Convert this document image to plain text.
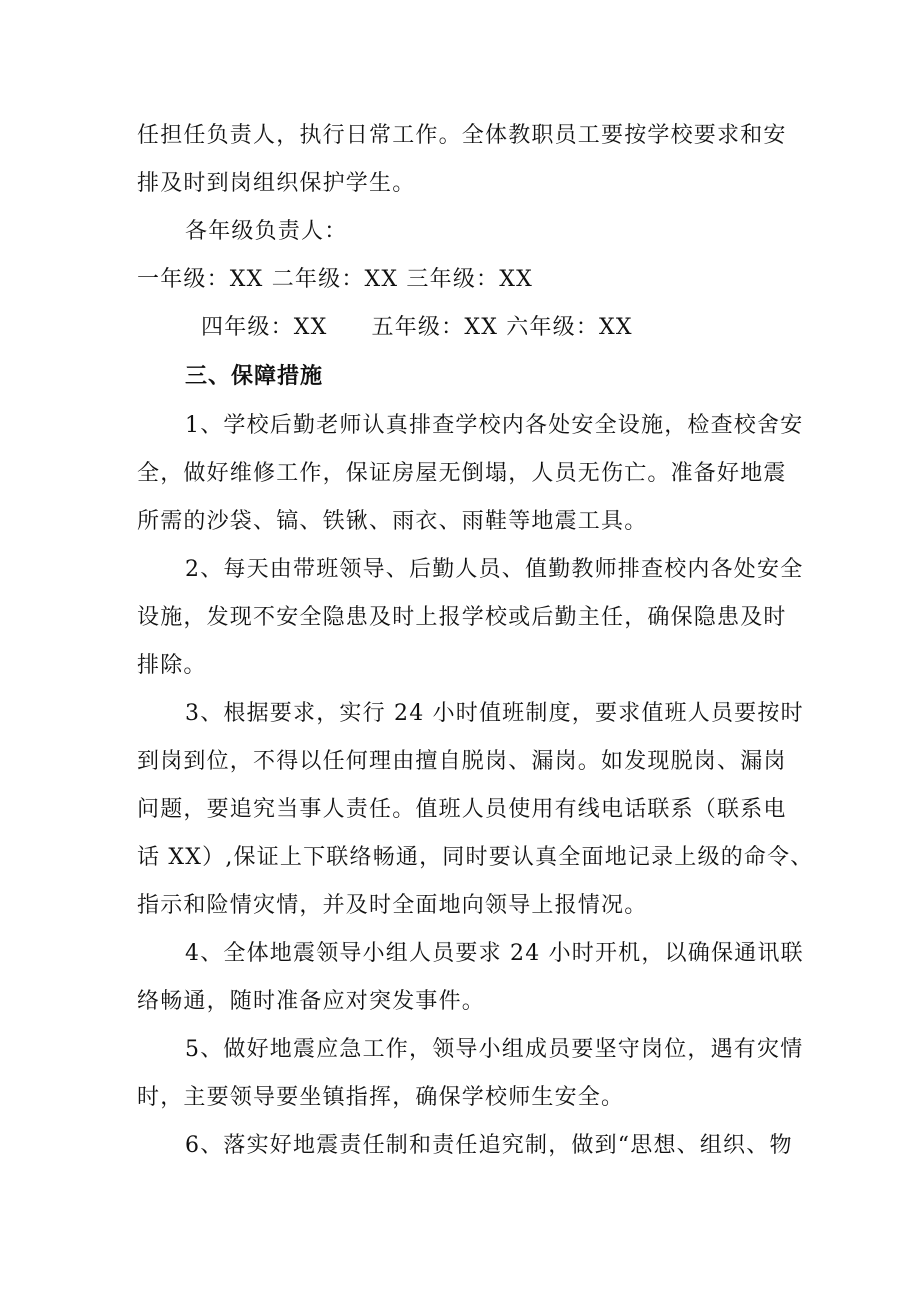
任担任负责人，执行日常工作。全体教职员工要按学校要求和安
排及时到岗组织保护学生。
各年级负责人：
一年级：XX 二年级：XX 三年级：XX
四年级：XX 五年级：XX 六年级：XX
三、保障措施
1、学校后勤老师认真排查学校内各处安全设施，检查校舍安
全，做好维修工作，保证房屋无倒塌，人员无伤亡。准备好地震
所需的沙袋、镐、铁锹、雨衣、雨鞋等地震工具。
2、每天由带班领导、后勤人员、值勤教师排查校内各处安全
设施，发现不安全隐患及时上报学校或后勤主任，确保隐患及时
排除。
3、根据要求，实行 24 小时值班制度，要求值班人员要按时
到岗到位，不得以任何理由擅自脱岗、漏岗。如发现脱岗、漏岗
问题，要追究当事人责任。值班人员使用有线电话联系（联系电
话 XX）,保证上下联络畅通，同时要认真全面地记录上级的命令、
指示和险情灾情，并及时全面地向领导上报情况。
4、全体地震领导小组人员要求 24 小时开机，以确保通讯联
络畅通，随时准备应对突发事件。
5、做好地震应急工作，领导小组成员要坚守岗位，遇有灾情
时，主要领导要坐镇指挥，确保学校师生安全。
6、落实好地震责任制和责任追究制，做到“思想、组织、物
